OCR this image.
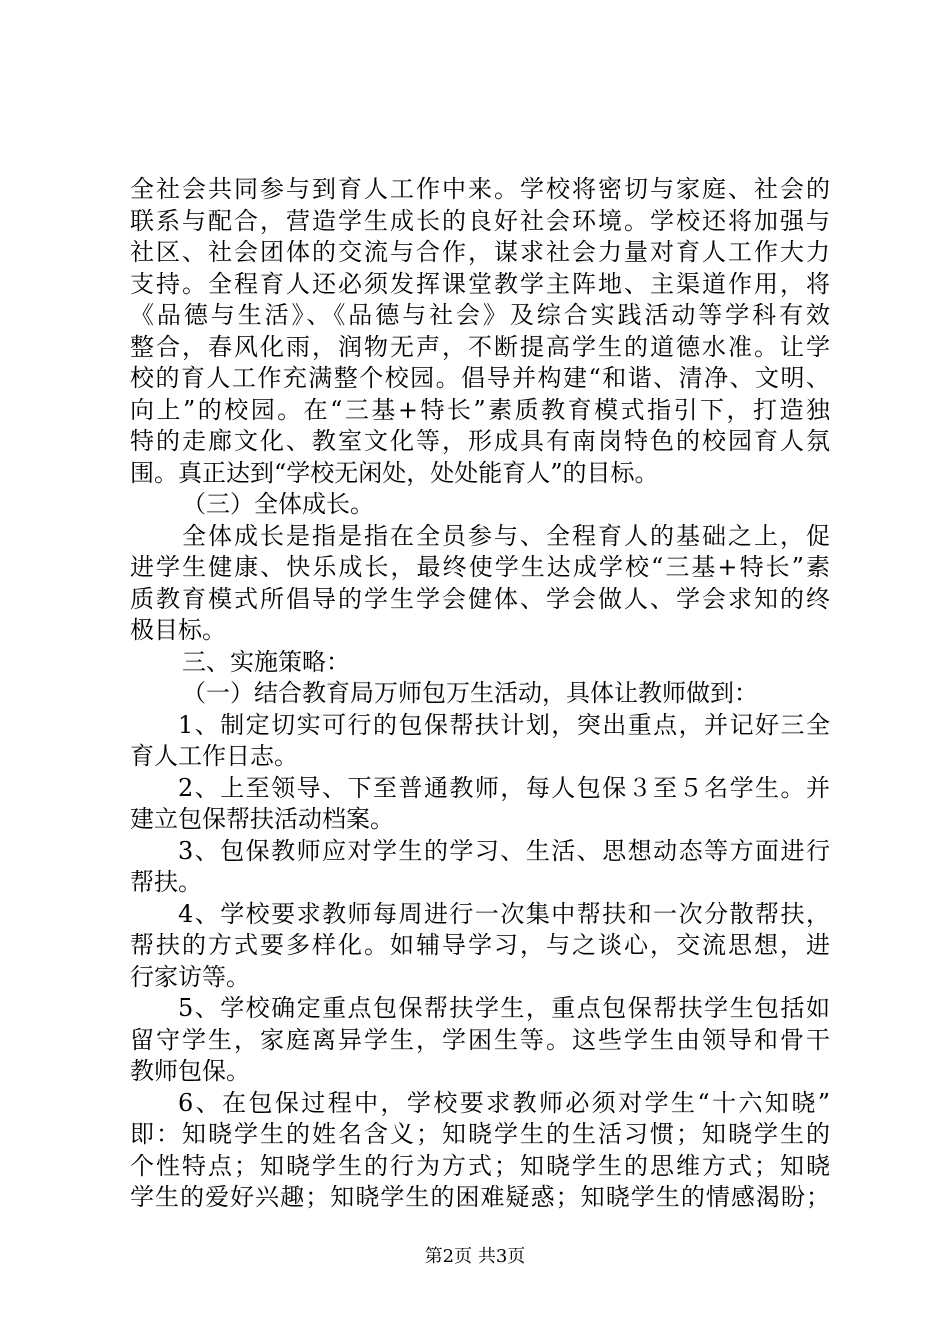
全社会共同参与到育人工作中来。学校将密切与家庭、社会的
联系与配合，营造学生成长的良好社会环境。学校还将加强与
社区、社会团体的交流与合作，谋求社会力量对育人工作大力
支持。全程育人还必须发挥课堂教学主阵地、主渠道作用，将
《品德与生活》、《品德与社会》及综合实践活动等学科有效
整合，春风化雨，润物无声，不断提高学生的道德水准。让学
校的育人工作充满整个校园。倡导并构建“和谐、清净、文明、
向上”的校园。在“三基+特长”素质教育模式指引下，打造独
特的走廊文化、教室文化等，形成具有南岗特色的校园育人氛
围。真正达到“学校无闲处，处处能育人”的目标。
（三）全体成长。
全体成长是指是指在全员参与、全程育人的基础之上，促
进学生健康、快乐成长，最终使学生达成学校“三基+特长”素
质教育模式所倡导的学生学会健体、学会做人、学会求知的终
极目标。
三、实施策略：
（一）结合教育局万师包万生活动，具体让教师做到：
1、制定切实可行的包保帮扶计划，突出重点，并记好三全
育人工作日志。
2、上至领导、下至普通教师，每人包保３至５名学生。并
建立包保帮扶活动档案。
3、包保教师应对学生的学习、生活、思想动态等方面进行
帮扶。
4、学校要求教师每周进行一次集中帮扶和一次分散帮扶，
帮扶的方式要多样化。如辅导学习，与之谈心，交流思想，进
行家访等。
5、学校确定重点包保帮扶学生，重点包保帮扶学生包括如
留守学生，家庭离异学生，学困生等。这些学生由领导和骨干
教师包保。
6、在包保过程中，学校要求教师必须对学生“十六知晓”
即：知晓学生的姓名含义；知晓学生的生活习惯；知晓学生的
个性特点；知晓学生的行为方式；知晓学生的思维方式；知晓
学生的爱好兴趣；知晓学生的困难疑惑；知晓学生的情感渴盼；
第2页 共3页
